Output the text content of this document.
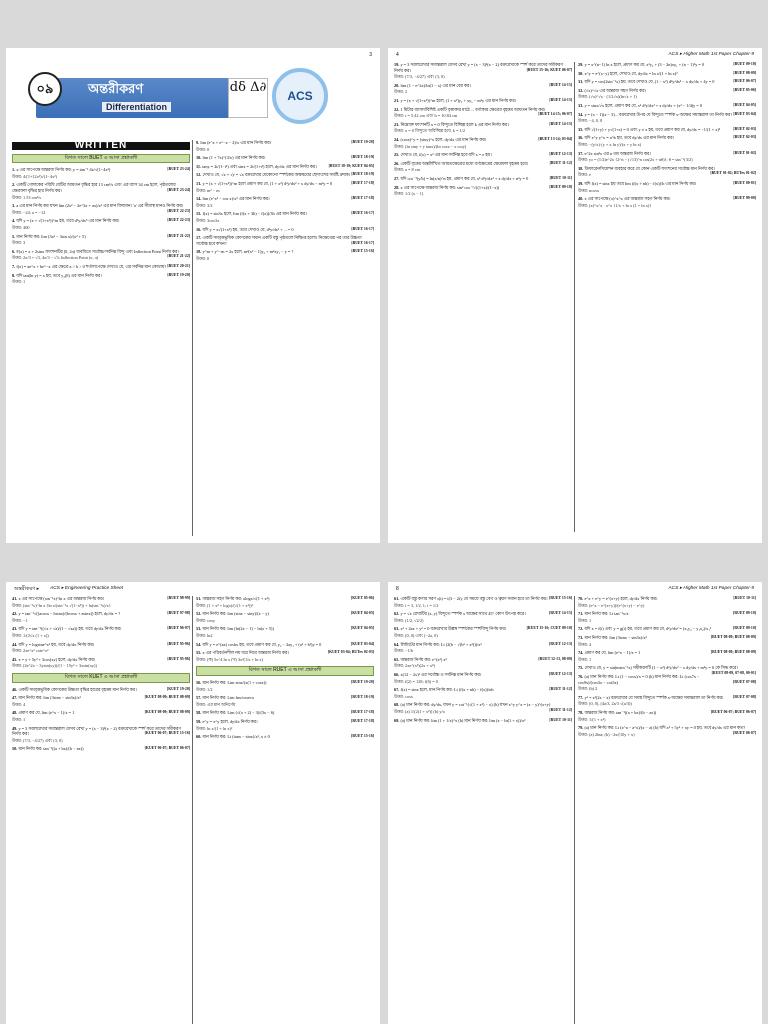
3
০৯	অন্তরীকরণ
Differentiation
dδ Δ∂
ACS
WRITTEN
বিগত সালে BUET এ আসা প্রশ্নাবলী
1. x এর সাপেক্ষে অন্তরজ নির্ণয় কর: y = tan⁻¹ 4x/√(1−4x²)	[BUET 23-24]
উত্তর: 4/(1+12x²)√(1−4x²)
2. একটি গোলকের পরিধি যেটির আয়তন বৃদ্ধির হার 13 cm³/s এবং এর ব্যাস 34 cm হলে, পৃষ্ঠতলের ক্ষেত্রফল বৃদ্ধির হার নির্ণয় কর।	[BUET 23-24]
উত্তর: 1.53 cm²/s
3. a এর মান নির্ণয় কর যখন lim (2x² − 2e^3x + ax)/x² এর মান বিদ্যমান। 'a' এর সীমাস্থ মানও নির্ণয় কর।
[BUET 22-23]
উত্তর: −24; a = −12
4. যদি y = (x + √(1+x²))^m হয়, তবে d⁵y/dx⁵ এর মান নির্ণয় কর।	[BUET 22-23]
উত্তর: 400
5. মান নির্ণয় কর: lim (3x² − 3sin x)/(x² + 5)	[BUET 21-22]
উত্তর: 3
6. F(x) = x + 2sinx ফাংশনটির [0, 2π] ব্যবধিতে সর্বোচ্চ/সর্বনিম্ন বিন্দু এবং Inflection Point নির্ণয় কর।
[BUET 21-22]
উত্তর: 2π/3 + √3, 4π/3 − √3; Inflection Point (π, π)
7. f(x) = ae^x + be^−x এর ক্ষেত্রে a > b > 0 শর্তসাপেক্ষে দেখাও যে, এর সর্বনিম্ন মান কোথায়? [BUET 20-21]
8. যদি tan(ln y) = x হয়, তবে y₂(0) এর মান নির্ণয় কর।	[BUET 19-20]
উত্তর: 1
9. lim (e^x + e^−x − 2)/x এর মান নির্ণয় কর।	[BUET 19-20]
উত্তর: 0
10. lim (1 + 7x)^(3/x) এর মান নির্ণয় কর।	[BUET 18-19]
11. tany = 2t/(1−t²) এবং sinx = 2t/(1+t²) হলে, dy/dx এর মান নির্ণয় কর।	[BUET 18-19; KUET 04-05]
12. দেখাও যে, √x + √y = √a বক্ররেখার যেকোনো স্পর্শকের অক্ষদ্বয়ের ছেদাংশের সমষ্টি ধ্রুবক। [BUET 18-19]
13. y = (x + √(1+x²))^m হলে প্রমাণ কর যে, (1 + x²) d²y/dx² + x dy/dx − m²y = 0	[BUET 17-18]
উত্তর: m² − m
14. lim (e^x² − cos x)/x² এর মান নির্ণয় কর।	[BUET 17-18]
উত্তর: 3/2
15. f(x) = sin3x হলে, lim (f(x + 3h) − f(x))/3h এর মান নির্ণয় কর।	[BUET 16-17]
উত্তর: 3cos3x
16. যদি y = x√(1+x²) হয়, তবে দেখাও যে, d²y/dx² + ... = 0	[BUET 16-17]
17. একটি সমবৃত্তভূমিক কোণকের সমান একটি বস্তু পৃষ্ঠতলে নিক্ষিপ্ত হলো। নিক্ষেপ্তের পর তার উচ্চতা সর্বোচ্চ হবে কখন?	[BUET 16-17]
18. y^m + y^−m = 2x হলে, m²(x² − 1)y₂ + m²xy₁ − y = ?	[BUET 15-16]
উত্তর: 0
4	ACS ▸ Higher Math 1st Paper Chapter-9
19. y = 3 সরলরেখার সমান্তরাল যেসব রেখা y = (x − 3)²(x − 2) বক্ররেখাকে স্পর্শ করে তাদের সমীকরণ নির্ণয় কর।	[BUET 15-16; KUET 06-07]
উত্তর: (7/3, −4/27) এবং (3, 0)
20. lim (1 − e^2x)/ln(1 − x) এর মান বের কর।	[BUET 14-15]
উত্তর: 2
21. y = (x + √(1+x²))^m হলে, (1 + x²)y₂ + xy₁ − m²y এর মান নির্ণয় কর।	[BUET 14-15]
22. 1 মিটার ব্যাসার্ধবিশিষ্ট একটি বৃত্তাকার মাঠে ... বর্গাকার ক্ষেত্রের বৃহত্তম আয়তন নির্ণয় কর।
[BUET 14-15; 06-07]
উত্তর: r = 5.42 cm এবং h = 10.84 cm
23. নিম্নোক্ত ফাংশনটি x = 0 বিন্দুতে বিচ্ছিন্ন হলে k এর মান নির্ণয় কর।	[BUET 14-15]
উত্তর: x = 0 বিন্দুতে অবিচ্ছিন্ন হবে, k = 1/2
24. (cosx)^y = (siny)^x হলে, dy/dx এর মান নির্ণয় কর।	[BUET 13-14; 03-04]
উত্তর: (ln siny + y tanx)/(ln cosx − x coty)
25. দেখাও যে, f(x) = x³ এর মান সর্বনিম্ন হবে যদি x = e হয়।	[BUET 12-13]
26. একটি বৃত্তের অন্তর্লিখিত আয়তক্ষেত্রের মধ্যে বর্গক্ষেত্রের ক্ষেত্রফল বৃহত্তম হবে।	[BUET 11-12]
উত্তর: a = 8 cm
27. যদি cos⁻¹(y/b) = ln(x/n)^n হয়, প্রমাণ কর যে, x² d²y/dx² + x dy/dx + n²y = 0	[BUET 10-11]
28. x এর সাপেক্ষে অন্তরজ নির্ণয় কর: sin² cos⁻¹√((1+x)/(1−x))	[BUET 09-10]
উত্তর: 1/2 (x − 1)
29. y = x^(n−1) ln x হলে, প্রমাণ কর যে, x²y₂ + (3 − 2n)xy₁ + (n − 1)²y = 0	[BUET 09-10]
30. x^y = e^(x−y) হলে, দেখাও যে, dy/dx = ln x/(1 + ln x)²	[BUET 08-09]
31. যদি y = cos(2sin⁻¹x) হয়, তবে দেখাও যে, (1 − x²) d²y/dx² − x dy/dx + 4y = 0	[BUET 06-07]
32. (√x)^√x এর অন্তরজ সহগ নির্ণয় কর।	[BUET 05-06]
উত্তর: (√x)^√x · (1/2√x)(ln√x + 1)
33. y = sinx/√x হলে, প্রমাণ কর যে, x² d²y/dx² + x dy/dx + (x² − 1/4)y = 0	[BUET 04-05]
34. y = (x − 1)(x − 3)... বক্ররেখার উপর যে বিন্দুতে স্পর্শক x-অক্ষের সমান্তরাল তা নির্ণয় কর। [BUET 03-04]
উত্তর: −4, 0, 8
35. যদি √(1+y) + y√(1+x) = 0 এবং y ≠ x হয়, তবে প্রমাণ কর যে, dy/dx = −1/(1 + x)²	[BUET 02-03]
36. যদি x^y y^x = a^b হয়, তবে dy/dx এর মান নির্ণয় কর।	[BUET 02-03]
উত্তর: −(y/x)·(y + x ln y)/(x + y ln x)
37. e^2x sin²x এর n তম অন্তরজ নির্ণয় কর।	[BUET 01-02]
উত্তর: yₙ = (1/2)e^2x {2^n − (√13)^n cos(2x + nθ)}; θ = tan⁻¹(3/2)
38. ডিফারেনসিয়েশন ব্যবহার করে যে কোন একটি ফাংশনের সর্বোচ্চ মান নির্ণয় কর।
[BUET 01-02; BUTex 01-02]
উত্তর: e
39. যদি f(x) = sinx হয় তবে lim (f(x + nh) − f(x))/h এর মান নির্ণয় কর।	[BUET 00-01]
উত্তর: ncosx
40. x এর সাপেক্ষে (x)^x^x এর অন্তরজ সহগ নির্ণয় কর।	[BUET 99-00]
উত্তর: (x)^x^x · x^x {1/x + ln x (1 + ln x)}
অন্তরীকরণ ▸ ACS ▸ Engineering Practice Sheet
41. x এর সাপেক্ষে (sin⁻¹x)^ln x এর অন্তরজ নির্ণয় কর।	[BUET 98-99]
উত্তর: (sin⁻¹x)^ln x {ln x/(sin⁻¹x √(1−x²)) + ln(sin⁻¹x)/x}
42. y = tan⁻¹√((acosx − bsinx)/(bcosx + asinx)) হলে, dy/dx = ?	[BUET 97-98]
উত্তর: −1
43. যদি y = tan⁻¹((√x + √a)/(1 − √xa)) হয়, তবে dy/dx নির্ণয় কর।	[BUET 96-97]
উত্তর: 1/(2√x (1 + x))
44. যদি y = logsine^x² হয়, তবে dy/dx নির্ণয় কর।	[BUET 95-96]
উত্তর: 2xe^x² cote^x²
45. x = y + 5y³ + 3cos(xy) হলে, dy/dx নির্ণয় কর।	[BUET 95-96]
উত্তর: (2e^2x − 3ysin(xy))/(1 − 15y² + 3xsin(xy))
বিগত সালে KUET এ আসা প্রশ্নাবলী
46. একটি সমবৃত্তভূমিক কোণকের উচ্চতা বৃদ্ধির হারের বৃহত্তম মান নির্ণয় কর।	[KUET 19-20]
47. মান নির্ণয় কর: lim (3sinx − sin3x)/x³	[KUET 08-09; BUET 08-09]
উত্তর: 4
48. প্রমাণ কর যে, lim (e^x − 1)/x = 1	[KUET 08-09; BUET 08-09]
উত্তর: 1
49. y = 3 সরলরেখার সমান্তরাল যেসব রেখা y = (x − 3)²(x − 2) বক্ররেখাকে স্পর্শ করে তাদের সমীকরণ নির্ণয় কর।	[KUET 06-07; BUET 15-16]
উত্তর: (7/3, −4/27) এবং (3, 0)
50. মান নির্ণয় কর: tan⁻¹((a + bx)/(b − ax))	[KUET 06-07; BUET 06-07]
51. অন্তরজ সহগ নির্ণয় কর: xlogx/√(1 + x²)	[KUET 05-06]
উত্তর: (1 + x² + logx)/(√(1 + x²))³
52. মান নির্ণয় কর: lim (sinx − siny)/(x − y)	[KUET 04-05]
উত্তর: cosy
53. মান নির্ণয় কর: lim (ln(2x − 1) − ln(x + 5))	[KUET 04-05]
উত্তর: ln2
54. যদি y = e^(ax) cosbx হয়, তবে প্রমাণ কর যে, y₂ − 2ay₁ + (a² + b²)y = 0	[KUET 03-04]
55. x এর পরিবর্তনশীল নয় ধরে নিয়ে অন্তরজ নির্ণয় কর।	[KUET 03-04; BUTex 02-03]
উত্তর: (ক) 5x^4 ln x (খ) 3x²(1/x + ln x)
বিগত সালে RUET এ আসা প্রশ্নাবলী
56. মান নির্ণয় কর: Lim sinx/(x(1 + cosx))	[RUET 19-20]
উত্তর: 1/2
57. মান নির্ণয় কর: Lim lnx/cosecx	[RUET 18-19]
উত্তর: এর মান অনির্ণেয়
58. মান নির্ণয় কর: Lim (√(x + 2) − 3)/(3x − 6)	[RUET 17-18]
59. e^y = x^y হলে, dy/dx নির্ণয় কর।	[RUET 17-18]
উত্তর: ln x/(1 + ln x)²
60. মান নির্ণয় কর: Lt (tanx − sinx)/x³, x ≠ 0	[RUET 15-16]
8	ACS ▸ Higher Math 1st Paper Chapter-9
61. একটি বস্তু কণার সরণ s(t) = t(3 − 2t); যে সময়ে বস্তু বেগ ও ত্বরণ সমান হবে তা নির্ণয় কর। [RUET 15-16]
উত্তর: t = 3, 1/2, 1; t = 1/2
62. y = √x রেখাটির (x, y) বিন্দুতে স্পর্শক x অক্ষের সাথে 45° কোণ উৎপন্ন করে।	[RUET 14-15]
উত্তর: (1/2, √2/2)
63. x² + 2ax + y² = 0 বক্ররেখার উল্লম্ব স্পর্শকের স্পর্শবিন্দু নির্ণয় কর।	[RUET 15-16; CUET 09-10]
উত্তর: (0, 0) এবং (−2a, 0)
64. লিমিটের মান নির্ণয় কর: Lt (2(b − √(b² + x²)))/x²	[RUET 12-13]
উত্তর: −1/b
65. অন্তরজ নির্ণয় কর: e^(x²) x²	[RUET 12-13, 08-09]
উত্তর: 2xe^(x²)(2x + x⁴)
66. x(12 − 2x)² এর সর্বোচ্চ ও সর্বনিম্ন মান নির্ণয় কর।	[RUET 12-13]
উত্তর: f(2) = 128; f(6) = 0
67. f(x) = sinx হলে, মান নির্ণয় কর: Lt (f(x + nh) − f(x))/nh	[RUET 11-12]
উত্তর: cosx
68. (a) মান নির্ণয় কর: dy/dx, যখন y = cot⁻¹(√(1 + x²) − x) (b) যখন x^y y^x = (x − y)^(x+y)
[RUET 11-12]
উত্তর: (a) 1/(2(1 + x²)) (b) y/x
69. (a) মান নির্ণয় কর: lim (1 + 1/x)^x (b) মান নির্ণয় কর: lim (x − ln(1 + x))/x²	[RUET 10-11]
70. e^x + e^y = e^(x+y) হলে, dy/dx নির্ণয় কর।	[RUET 10-11]
উত্তর: (e^x − e^(x+y))/(e^(x+y) − e^y)
71. মান নির্ণয় কর: Lt tan⁻¹x/x	[RUET 09-10]
উত্তর: 1
72. যদি x = f(t) এবং y = g(t) হয়, তবে প্রমাণ কর যে, d²y/dx² = (x₁y₂ − y₁x₂)/x₁³	[RUET 09-10]
73. মান নির্ণয় কর: lim (3sinx − sin3x)/x³	[RUET 08-09; BUET 08-09]
উত্তর: 4
74. প্রমাণ কর যে, lim (e^x − 1)/x = 1	[RUET 08-09; BUET 08-09]
উত্তর: 1
75. দেখাও যে, y = sin(msin⁻¹x) সমীকরণটি (1 − x²) d²y/dx² − x dy/dx + m²y = 0 কে সিদ্ধ করে।
[RUET 08-09, 07-08, 00-01]
76. (a) মান নির্ণয় কর: Lt (1 − cosx)/x = 0 (b) মান নির্ণয় কর: Lt (cos7x − cos9x)/(cos3x − cos5x)	[RUET 07-08]
উত্তর: (b) 2
77. y² = x²(2x − x) বক্ররেখার যে সমস্ত বিন্দুতে স্পর্শক x-অক্ষের সমান্তরাল তা নির্ণয় কর।	[RUET 07-08]
উত্তর: (0, 0), (4a/3, 2a/3 √(a/3))
78. অন্তরজ নির্ণয় কর: tan⁻¹((a + bx)/(b − ax))	[RUET 06-07; BUET 06-07]
উত্তর: 1/(1 + x²)
79. (a) মান নির্ণয় কর: Lt (x^a − a^x)/(x − a) (b) যদি x² + 5y² + xy = 0 হয়, তবে dy/dx এর মান কত?
[RUET 06-07]
উত্তর: (a) 2lna; (b) −2x/(10y + x)
